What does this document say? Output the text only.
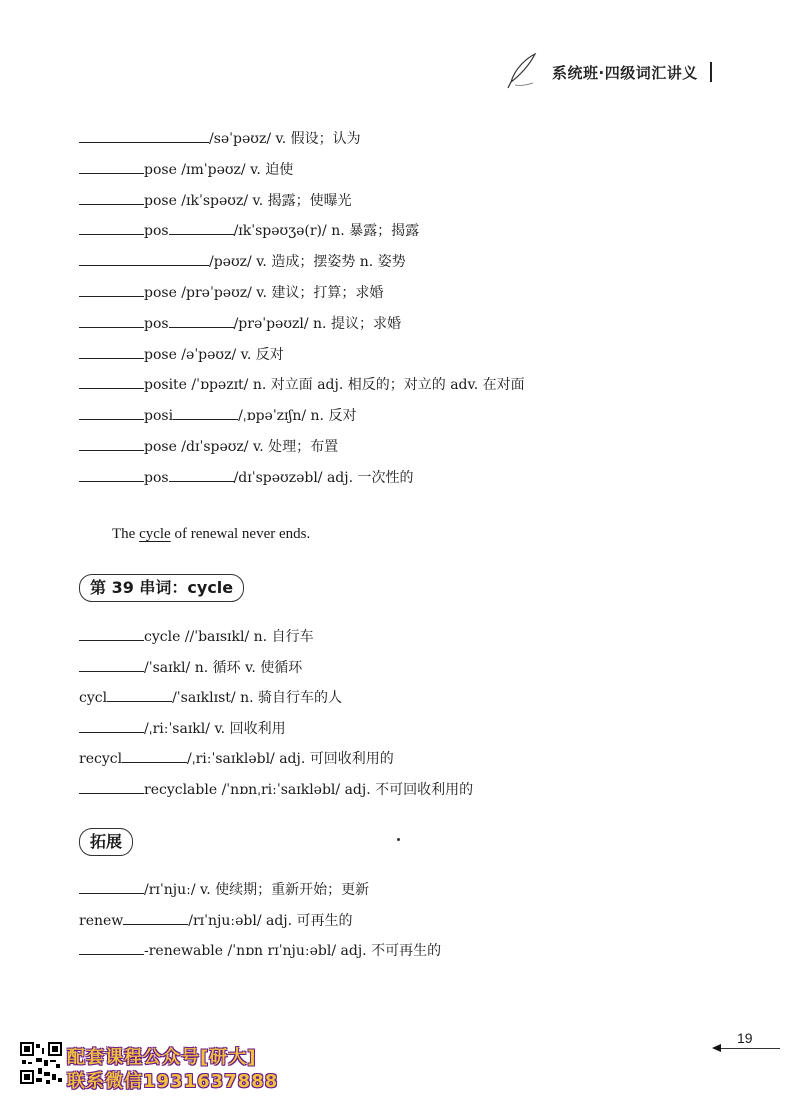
系统班·四级词汇讲义
/səˈpəʊz/ v. 假设；认为
pose /ɪmˈpəʊz/ v. 迫使
pose /ɪkˈspəʊz/ v. 揭露；使曝光
pos	/ɪkˈspəʊʒə(r)/ n. 暴露；揭露
/pəʊz/ v. 造成；摆姿势 n. 姿势
pose /prəˈpəʊz/ v. 建议；打算；求婚
pos	/prəˈpəʊzl/ n. 提议；求婚
pose /əˈpəʊz/ v. 反对
posite /ˈɒpəzɪt/ n. 对立面 adj. 相反的；对立的 adv. 在对面
posi	/ˌɒpəˈzɪʃn/ n. 反对
pose /dɪˈspəʊz/ v. 处理；布置
pos	/dɪˈspəʊzəbl/ adj. 一次性的
The cycle of renewal never ends.
第 39 串词：cycle
cycle //ˈbaɪsɪkl/ n. 自行车
/ˈsaɪkl/ n. 循环 v. 使循环
cycl	/ˈsaɪklɪst/ n. 骑自行车的人
/ˌriːˈsaɪkl/ v. 回收利用
recycl	/ˌriːˈsaɪkləbl/ adj. 可回收利用的
recyclable /ˈnɒnˌriːˈsaɪkləbl/ adj. 不可回收利用的
拓展
/rɪˈnjuː/ v. 使续期；重新开始；更新
renew	/rɪˈnjuːəbl/ adj. 可再生的
-renewable /ˈnɒn rɪˈnjuːəbl/ adj. 不可再生的
19
配套课程公众号[研大]
联系微信1931637888
